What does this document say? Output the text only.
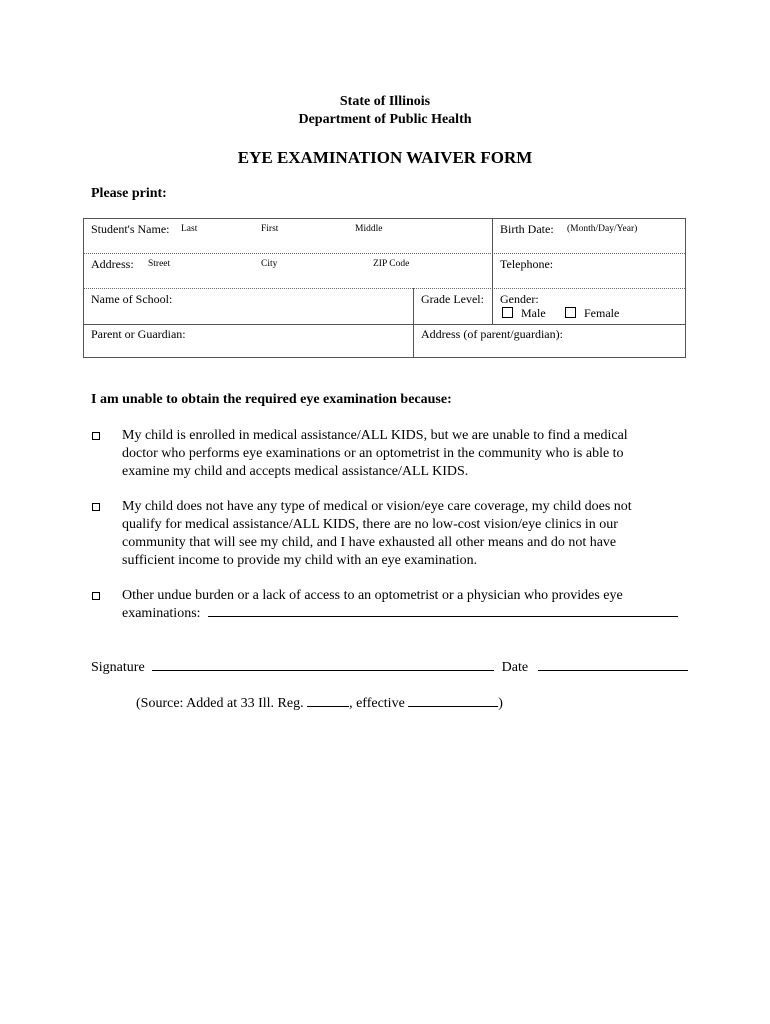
State of Illinois
Department of Public Health
EYE EXAMINATION WAIVER FORM
Please print:
Student's Name: Last	First	Middle	Birth Date: (Month/Day/Year)
Address: Street	City	ZIP Code	Telephone:
Name of School:	Grade Level: Gender:
Male	Female
Parent or Guardian:	Address (of parent/guardian):
I am unable to obtain the required eye examination because:
My child is enrolled in medical assistance/ALL KIDS, but we are unable to find a medical
doctor who performs eye examinations or an optometrist in the community who is able to
examine my child and accepts medical assistance/ALL KIDS.
My child does not have any type of medical or vision/eye care coverage, my child does not
qualify for medical assistance/ALL KIDS, there are no low-cost vision/eye clinics in our
community that will see my child, and I have exhausted all other means and do not have
sufficient income to provide my child with an eye examination.
Other undue burden or a lack of access to an optometrist or a physician who provides eye
examinations:
Signature	Date
(Source: Added at 33 Ill. Reg.	, effective	)
